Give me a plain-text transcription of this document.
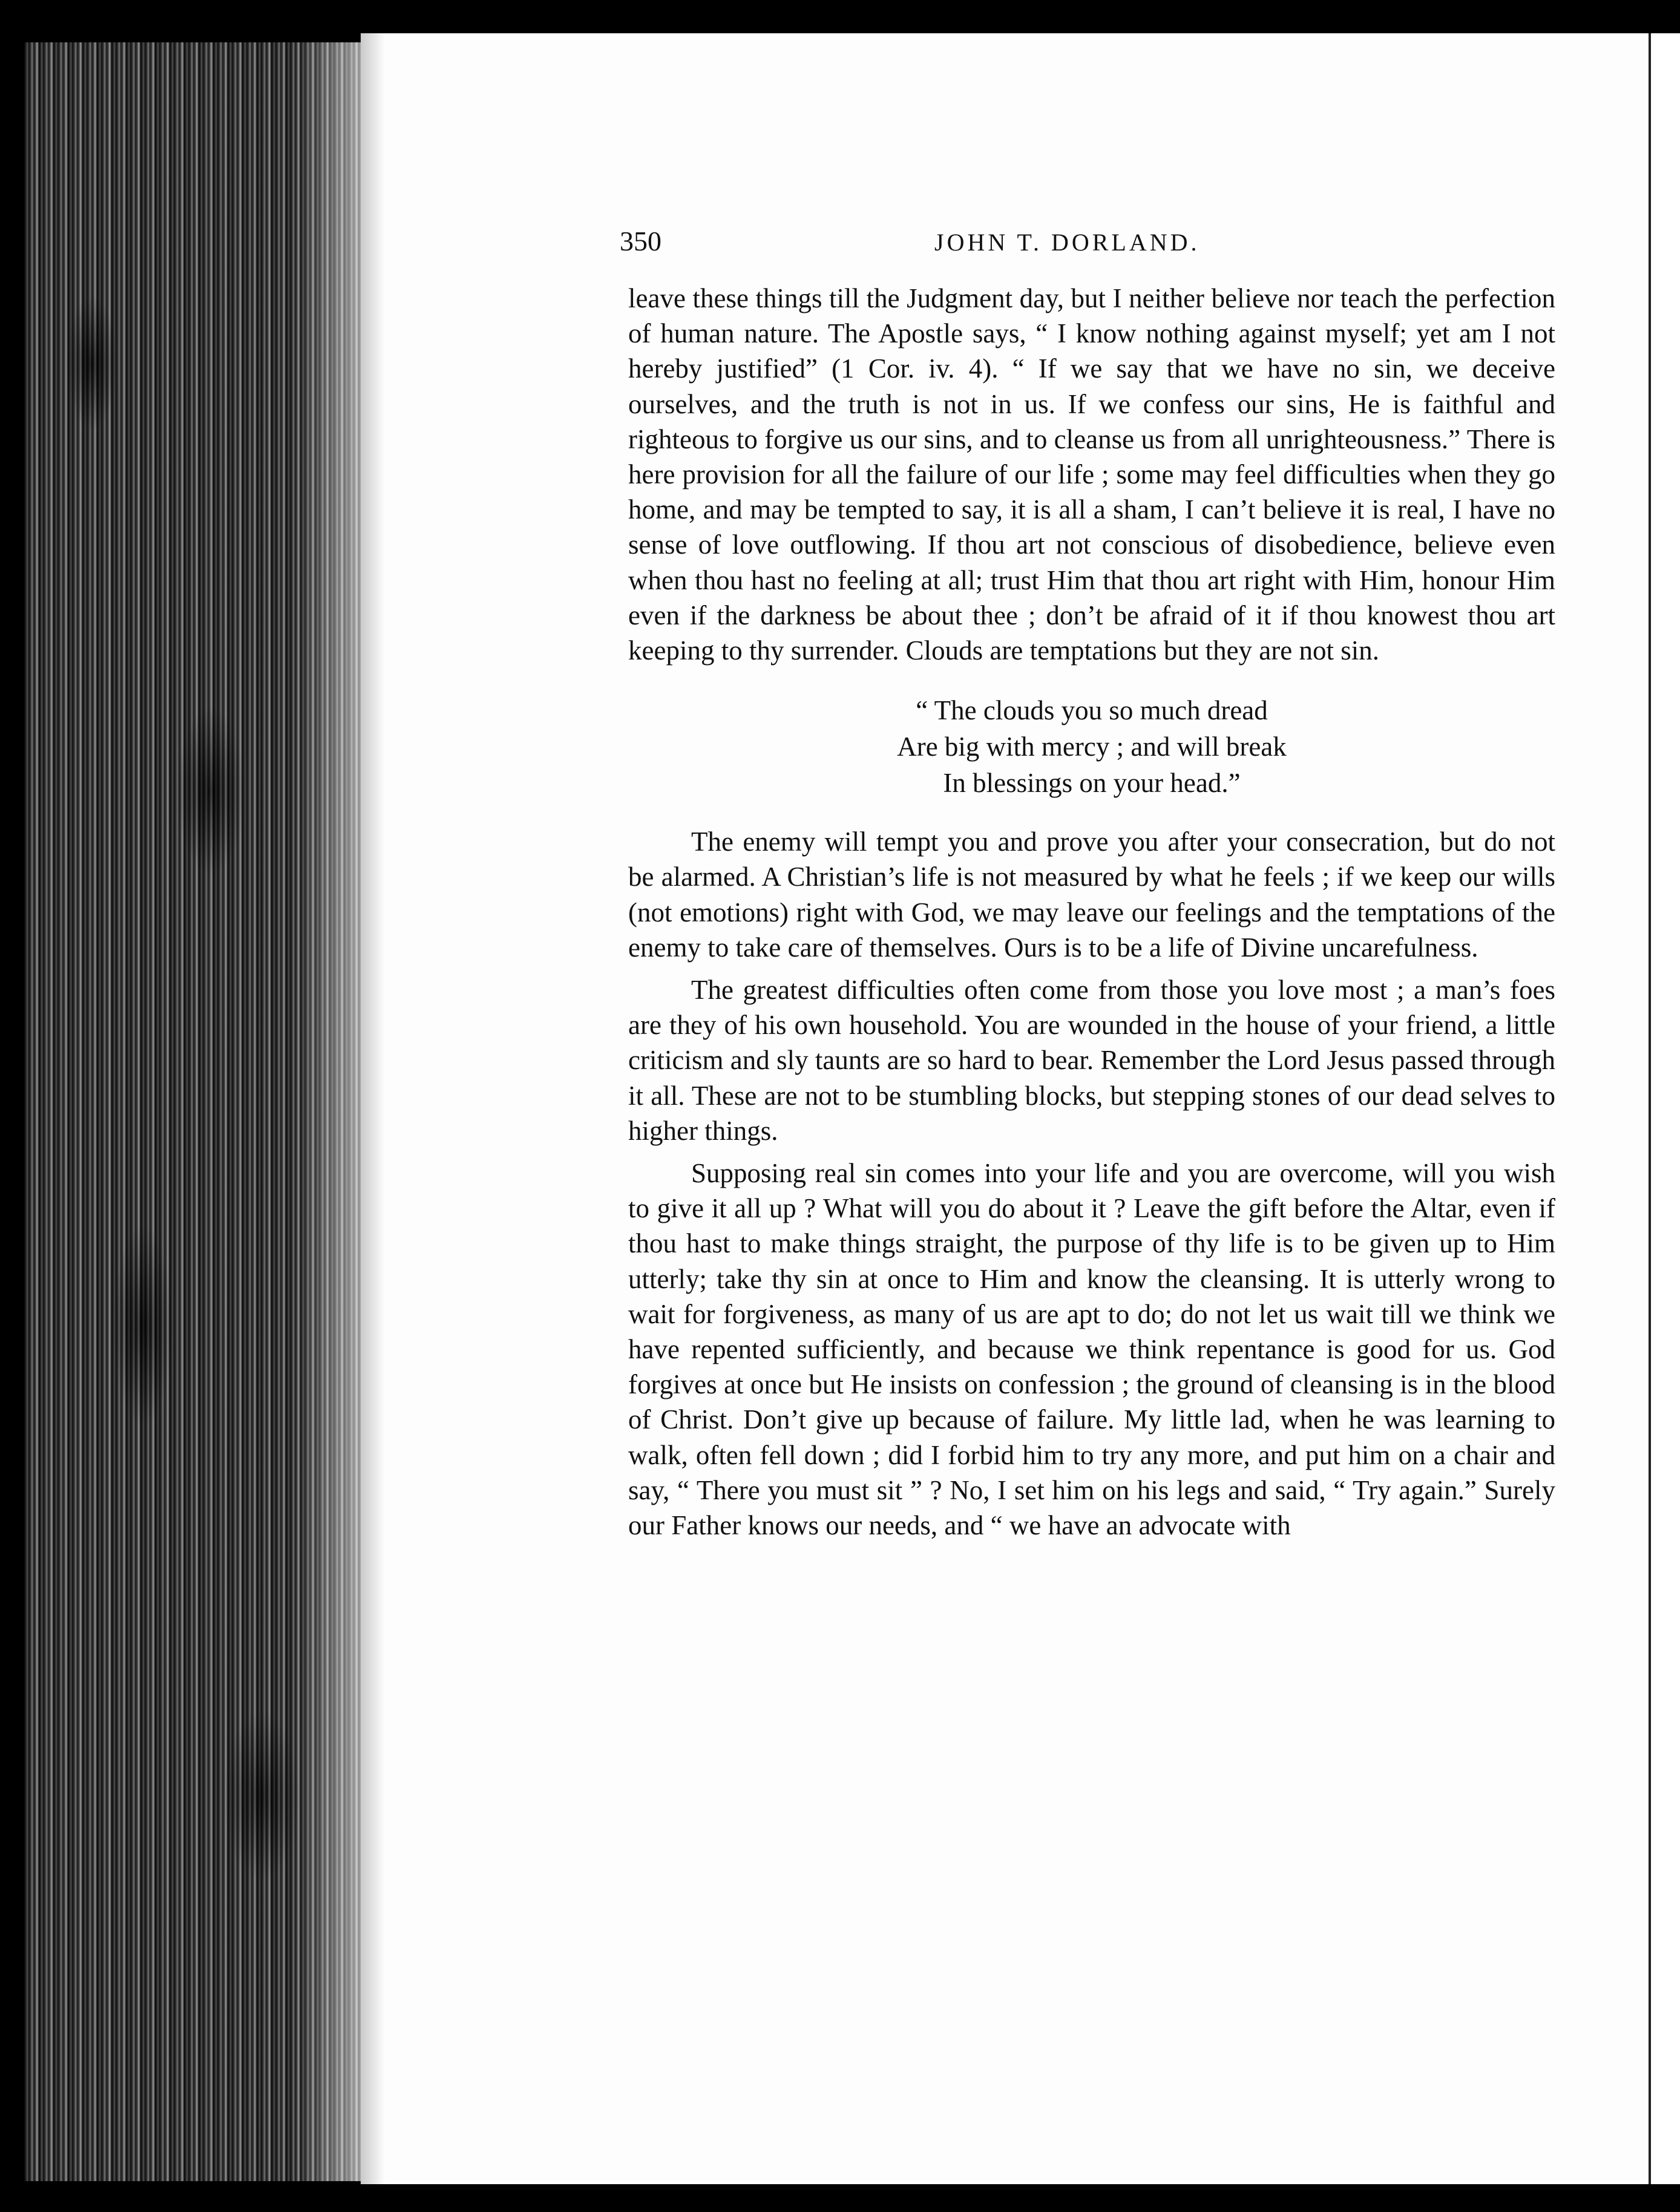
350	JOHN T. DORLAND.

leave these things till the Judgment day, but I neither believe nor teach the perfection of human nature. The Apostle says, “ I know nothing against myself; yet am I not hereby justified” (1 Cor. iv. 4). “ If we say that we have no sin, we deceive ourselves, and the truth is not in us. If we confess our sins, He is faithful and righteous to forgive us our sins, and to cleanse us from all unrighteousness.” There is here provision for all the failure of our life ; some may feel difficulties when they go home, and may be tempted to say, it is all a sham, I can’t believe it is real, I have no sense of love outflowing. If thou art not conscious of disobedience, believe even when thou hast no feeling at all; trust Him that thou art right with Him, honour Him even if the darkness be about thee ; don’t be afraid of it if thou knowest thou art keeping to thy surrender. Clouds are temptations but they are not sin.

“ The clouds you so much dread
Are big with mercy ; and will break
In blessings on your head.”

The enemy will tempt you and prove you after your consecration, but do not be alarmed. A Christian’s life is not measured by what he feels ; if we keep our wills (not emotions) right with God, we may leave our feelings and the temptations of the enemy to take care of themselves. Ours is to be a life of Divine uncarefulness.

The greatest difficulties often come from those you love most ; a man’s foes are they of his own household. You are wounded in the house of your friend, a little criticism and sly taunts are so hard to bear. Remember the Lord Jesus passed through it all. These are not to be stumbling blocks, but stepping stones of our dead selves to higher things.

Supposing real sin comes into your life and you are overcome, will you wish to give it all up ? What will you do about it ? Leave the gift before the Altar, even if thou hast to make things straight, the purpose of thy life is to be given up to Him utterly; take thy sin at once to Him and know the cleansing. It is utterly wrong to wait for forgiveness, as many of us are apt to do; do not let us wait till we think we have repented sufficiently, and because we think repentance is good for us. God forgives at once but He insists on confession ; the ground of cleansing is in the blood of Christ. Don’t give up because of failure. My little lad, when he was learning to walk, often fell down ; did I forbid him to try any more, and put him on a chair and say, “ There you must sit ” ? No, I set him on his legs and said, “ Try again.” Surely our Father knows our needs, and “ we have an advocate with
